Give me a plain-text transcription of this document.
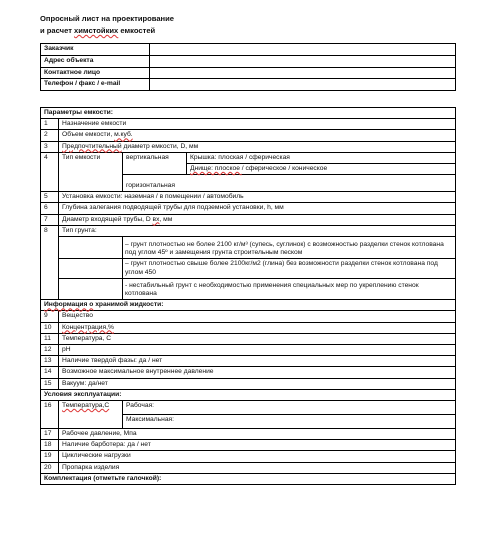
Опросный лист на проектирование
и расчет химстойких емкостей
Заказчик	
Адрес объекта	
Контактное лицо	
Телефон / факс / e-mail	
Параметры емкости:			
1	Назначение емкости		
2	Объем емкости, м.куб.		
3	Предпочтительный диаметр емкости, D, мм		
4	Тип емкости	вертикальная	Крышка: плоская / сферическая
			Днище: плоское / сферическое / коническое
		горизонтальная	
5	Установка емкости: наземная / в помещении / автомобиль		
6	Глубина залегания подводящей трубы для подземной установки, h, мм		
7	Диаметр входящей трубы, D вх, мм		
8	Тип грунта:		
		– грунт плотностью не более 2100 кг/м³ (супесь, суглинок) с возможностью разделки стенок котлована под углом 45º и замещения грунта строительным песком	
		– грунт плотностью свыше более 2100кг/м2 (глина) без возможности разделки стенок котлована под углом 450	
		- нестабильный грунт с необходимостью применения специальных мер по укреплению стенок котлована	
Информация о хранимой жидкости:			
9	Вещество		
10	Концентрация,%		
11	Температура, С		
12	pH		
13	Наличие твердой фазы: да / нет		
14	Возможное максимальное внутреннее давление		
15	Вакуум: да/нет		
Условия эксплуатации:			
16	Температура,С	Рабочая:	
		Максимальная:	
17	Рабочее давление, Мпа		
18	Наличие барботера: да / нет		
19	Циклические нагрузки		
20	Пропарка изделия		
Комплектация (отметьте галочкой):			
